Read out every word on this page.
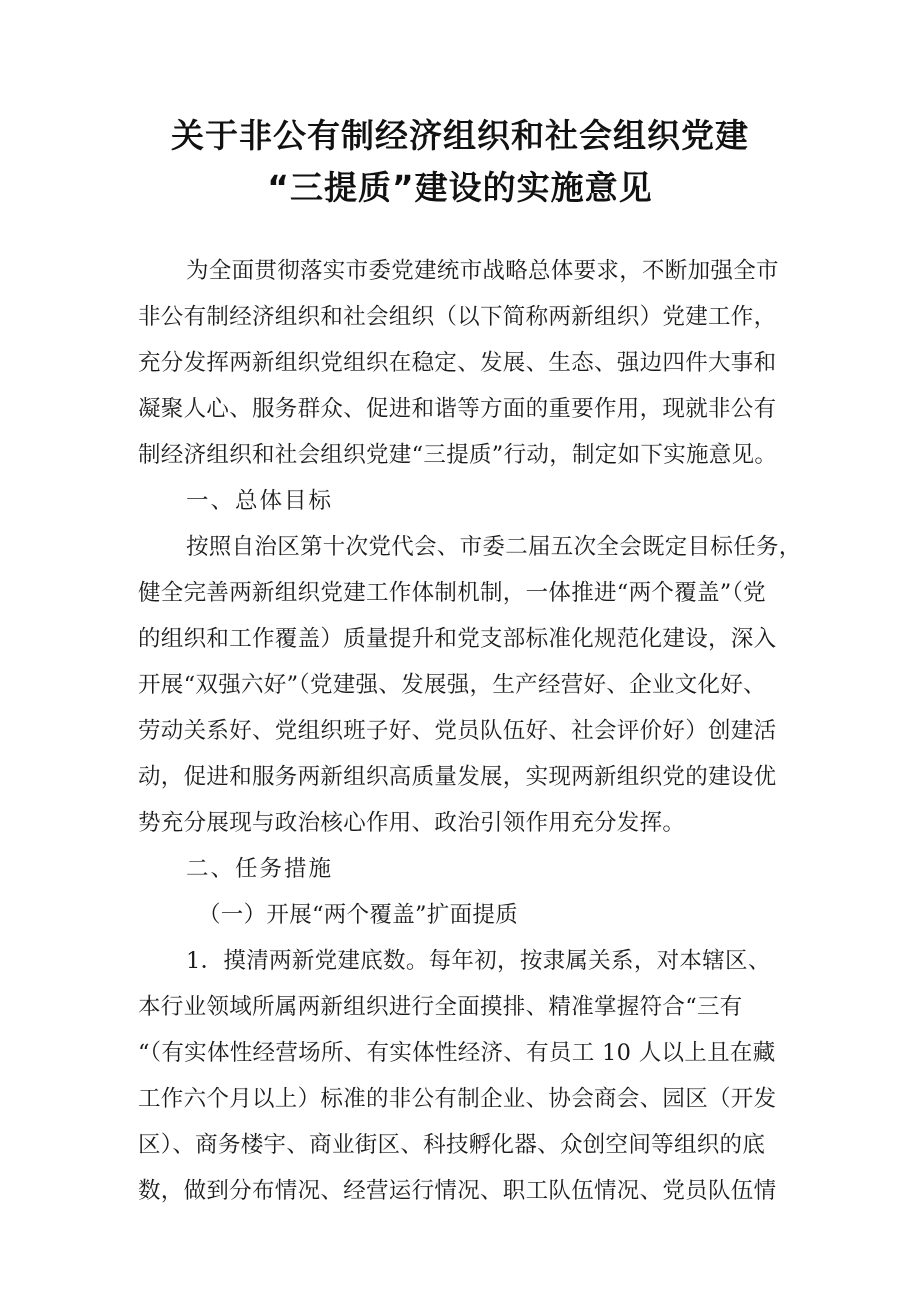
关于非公有制经济组织和社会组织党建
“三提质”建设的实施意见
为全面贯彻落实市委党建统市战略总体要求，不断加强全市
非公有制经济组织和社会组织（以下简称两新组织）党建工作，
充分发挥两新组织党组织在稳定、发展、生态、强边四件大事和
凝聚人心、服务群众、促进和谐等方面的重要作用，现就非公有
制经济组织和社会组织党建“三提质”行动，制定如下实施意见。
一、总体目标
按照自治区第十次党代会、市委二届五次全会既定目标任务，
健全完善两新组织党建工作体制机制，一体推进“两个覆盖”（党
的组织和工作覆盖）质量提升和党支部标准化规范化建设，深入
开展“双强六好”（党建强、发展强，生产经营好、企业文化好、
劳动关系好、党组织班子好、党员队伍好、社会评价好）创建活
动，促进和服务两新组织高质量发展，实现两新组织党的建设优
势充分展现与政治核心作用、政治引领作用充分发挥。
二、任务措施
（一）开展“两个覆盖”扩面提质
1．摸清两新党建底数。每年初，按隶属关系，对本辖区、
本行业领域所属两新组织进行全面摸排、精准掌握符合“三有
“（有实体性经营场所、有实体性经济、有员工 10 人以上且在藏
工作六个月以上）标准的非公有制企业、协会商会、园区（开发
区）、商务楼宇、商业街区、科技孵化器、众创空间等组织的底
数，做到分布情况、经营运行情况、职工队伍情况、党员队伍情
